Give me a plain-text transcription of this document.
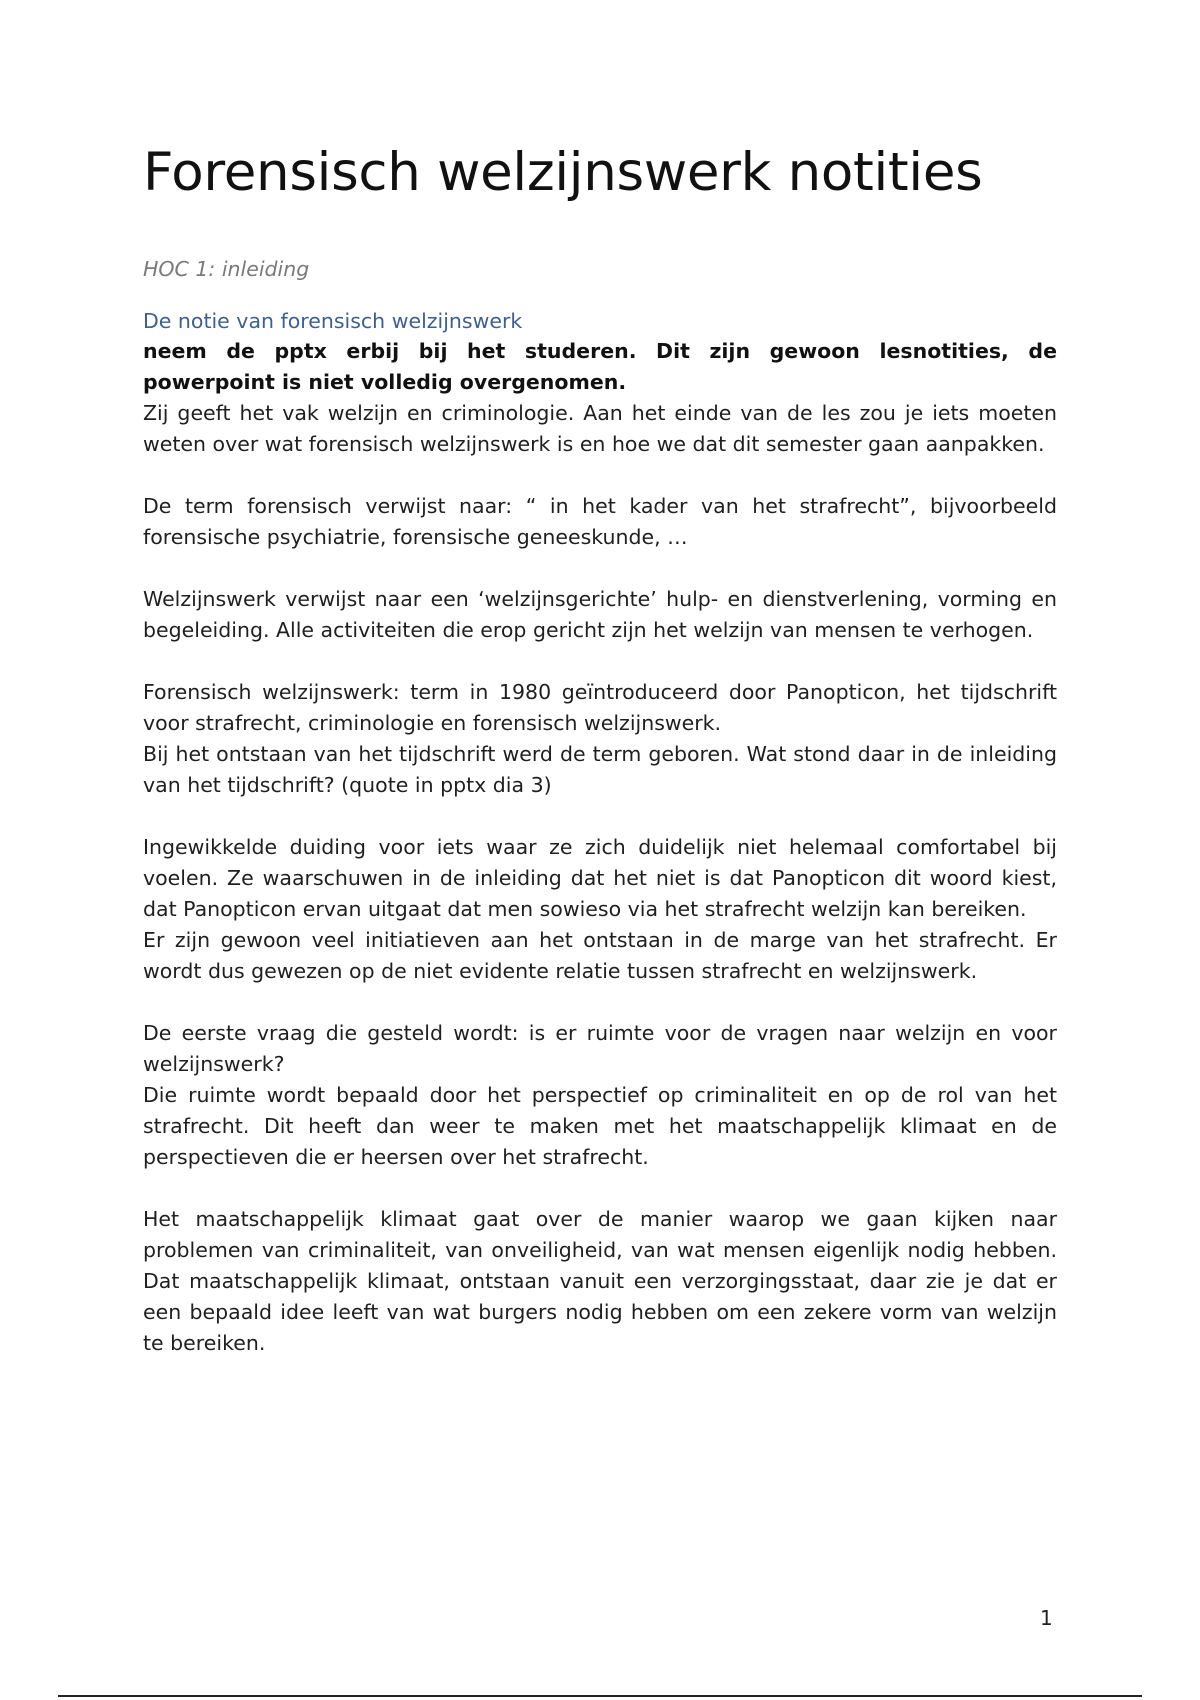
Forensisch welzijnswerk notities

HOC 1: inleiding

De notie van forensisch welzijnswerk

neem de pptx erbij bij het studeren. Dit zijn gewoon lesnotities, de powerpoint is niet volledig overgenomen.

Zij geeft het vak welzijn en criminologie. Aan het einde van de les zou je iets moeten weten over wat forensisch welzijnswerk is en hoe we dat dit semester gaan aanpakken.

De term forensisch verwijst naar: “ in het kader van het strafrecht”, bijvoorbeeld forensische psychiatrie, forensische geneeskunde, …

Welzijnswerk verwijst naar een ‘welzijnsgerichte’ hulp- en dienstverlening, vorming en begeleiding. Alle activiteiten die erop gericht zijn het welzijn van mensen te verhogen.

Forensisch welzijnswerk: term in 1980 geïntroduceerd door Panopticon, het tijdschrift voor strafrecht, criminologie en forensisch welzijnswerk.

Bij het ontstaan van het tijdschrift werd de term geboren. Wat stond daar in de inleiding van het tijdschrift? (quote in pptx dia 3)

Ingewikkelde duiding voor iets waar ze zich duidelijk niet helemaal comfortabel bij voelen. Ze waarschuwen in de inleiding dat het niet is dat Panopticon dit woord kiest, dat Panopticon ervan uitgaat dat men sowieso via het strafrecht welzijn kan bereiken.

Er zijn gewoon veel initiatieven aan het ontstaan in de marge van het strafrecht. Er wordt dus gewezen op de niet evidente relatie tussen strafrecht en welzijnswerk.

De eerste vraag die gesteld wordt: is er ruimte voor de vragen naar welzijn en voor welzijnswerk?

Die ruimte wordt bepaald door het perspectief op criminaliteit en op de rol van het strafrecht. Dit heeft dan weer te maken met het maatschappelijk klimaat en de perspectieven die er heersen over het strafrecht.

Het maatschappelijk klimaat gaat over de manier waarop we gaan kijken naar problemen van criminaliteit, van onveiligheid, van wat mensen eigenlijk nodig hebben. Dat maatschappelijk klimaat, ontstaan vanuit een verzorgingsstaat, daar zie je dat er een bepaald idee leeft van wat burgers nodig hebben om een zekere vorm van welzijn te bereiken.

1
